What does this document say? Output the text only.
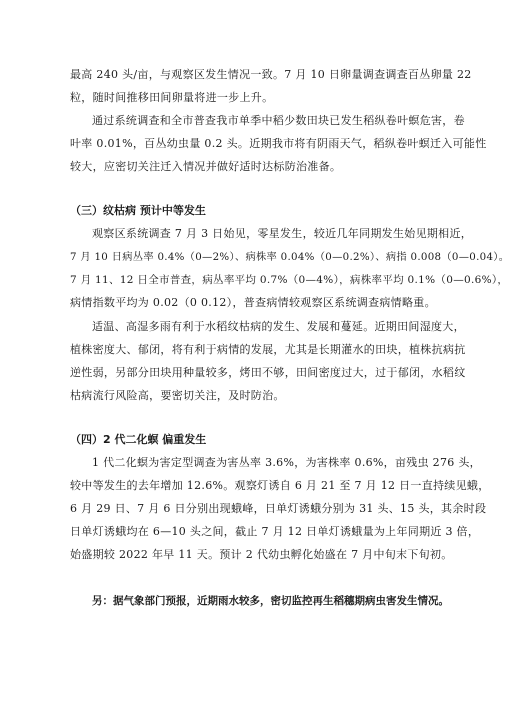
最高 240 头/亩，与观察区发生情况一致。7 月 10 日卵量调查调查百丛卵量 22
粒，随时间推移田间卵量将进一步上升。
通过系统调查和全市普查我市单季中稻少数田块已发生稻纵卷叶螟危害，卷
叶率 0.01%，百丛幼虫量 0.2 头。近期我市将有阴雨天气，稻纵卷叶螟迁入可能性
较大，应密切关注迁入情况并做好适时达标防治准备。
（三）纹枯病 预计中等发生
观察区系统调查 7 月 3 日始见，零星发生，较近几年同期发生始见期相近，
7 月 10 日病丛率 0.4%（0—2%）、病株率 0.04%（0—0.2%）、病指 0.008（0—0.04）。
7 月 11、12 日全市普查，病丛率平均 0.7%（0—4%），病株率平均 0.1%（0—0.6%），
病情指数平均为 0.02（0 0.12），普查病情较观察区系统调查病情略重。
适温、高湿多雨有利于水稻纹枯病的发生、发展和蔓延。近期田间湿度大，
植株密度大、郁闭，将有利于病情的发展，尤其是长期灌水的田块，植株抗病抗
逆性弱，另部分田块用种量较多，烤田不够，田间密度过大，过于郁闭，水稻纹
枯病流行风险高，要密切关注，及时防治。
（四）2 代二化螟 偏重发生
1 代二化螟为害定型调查为害丛率 3.6%，为害株率 0.6%，亩残虫 276 头，
较中等发生的去年增加 12.6%。观察灯诱自 6 月 21 至 7 月 12 日一直持续见蛾，
6 月 29 日、7 月 6 日分别出现蛾峰，日单灯诱蛾分别为 31 头、15 头，其余时段
日单灯诱蛾均在 6—10 头之间，截止 7 月 12 日单灯诱蛾量为上年同期近 3 倍，
始盛期较 2022 年早 11 天。预计 2 代幼虫孵化始盛在 7 月中旬末下旬初。
另：据气象部门预报，近期雨水较多，密切监控再生稻穗期病虫害发生情况。
